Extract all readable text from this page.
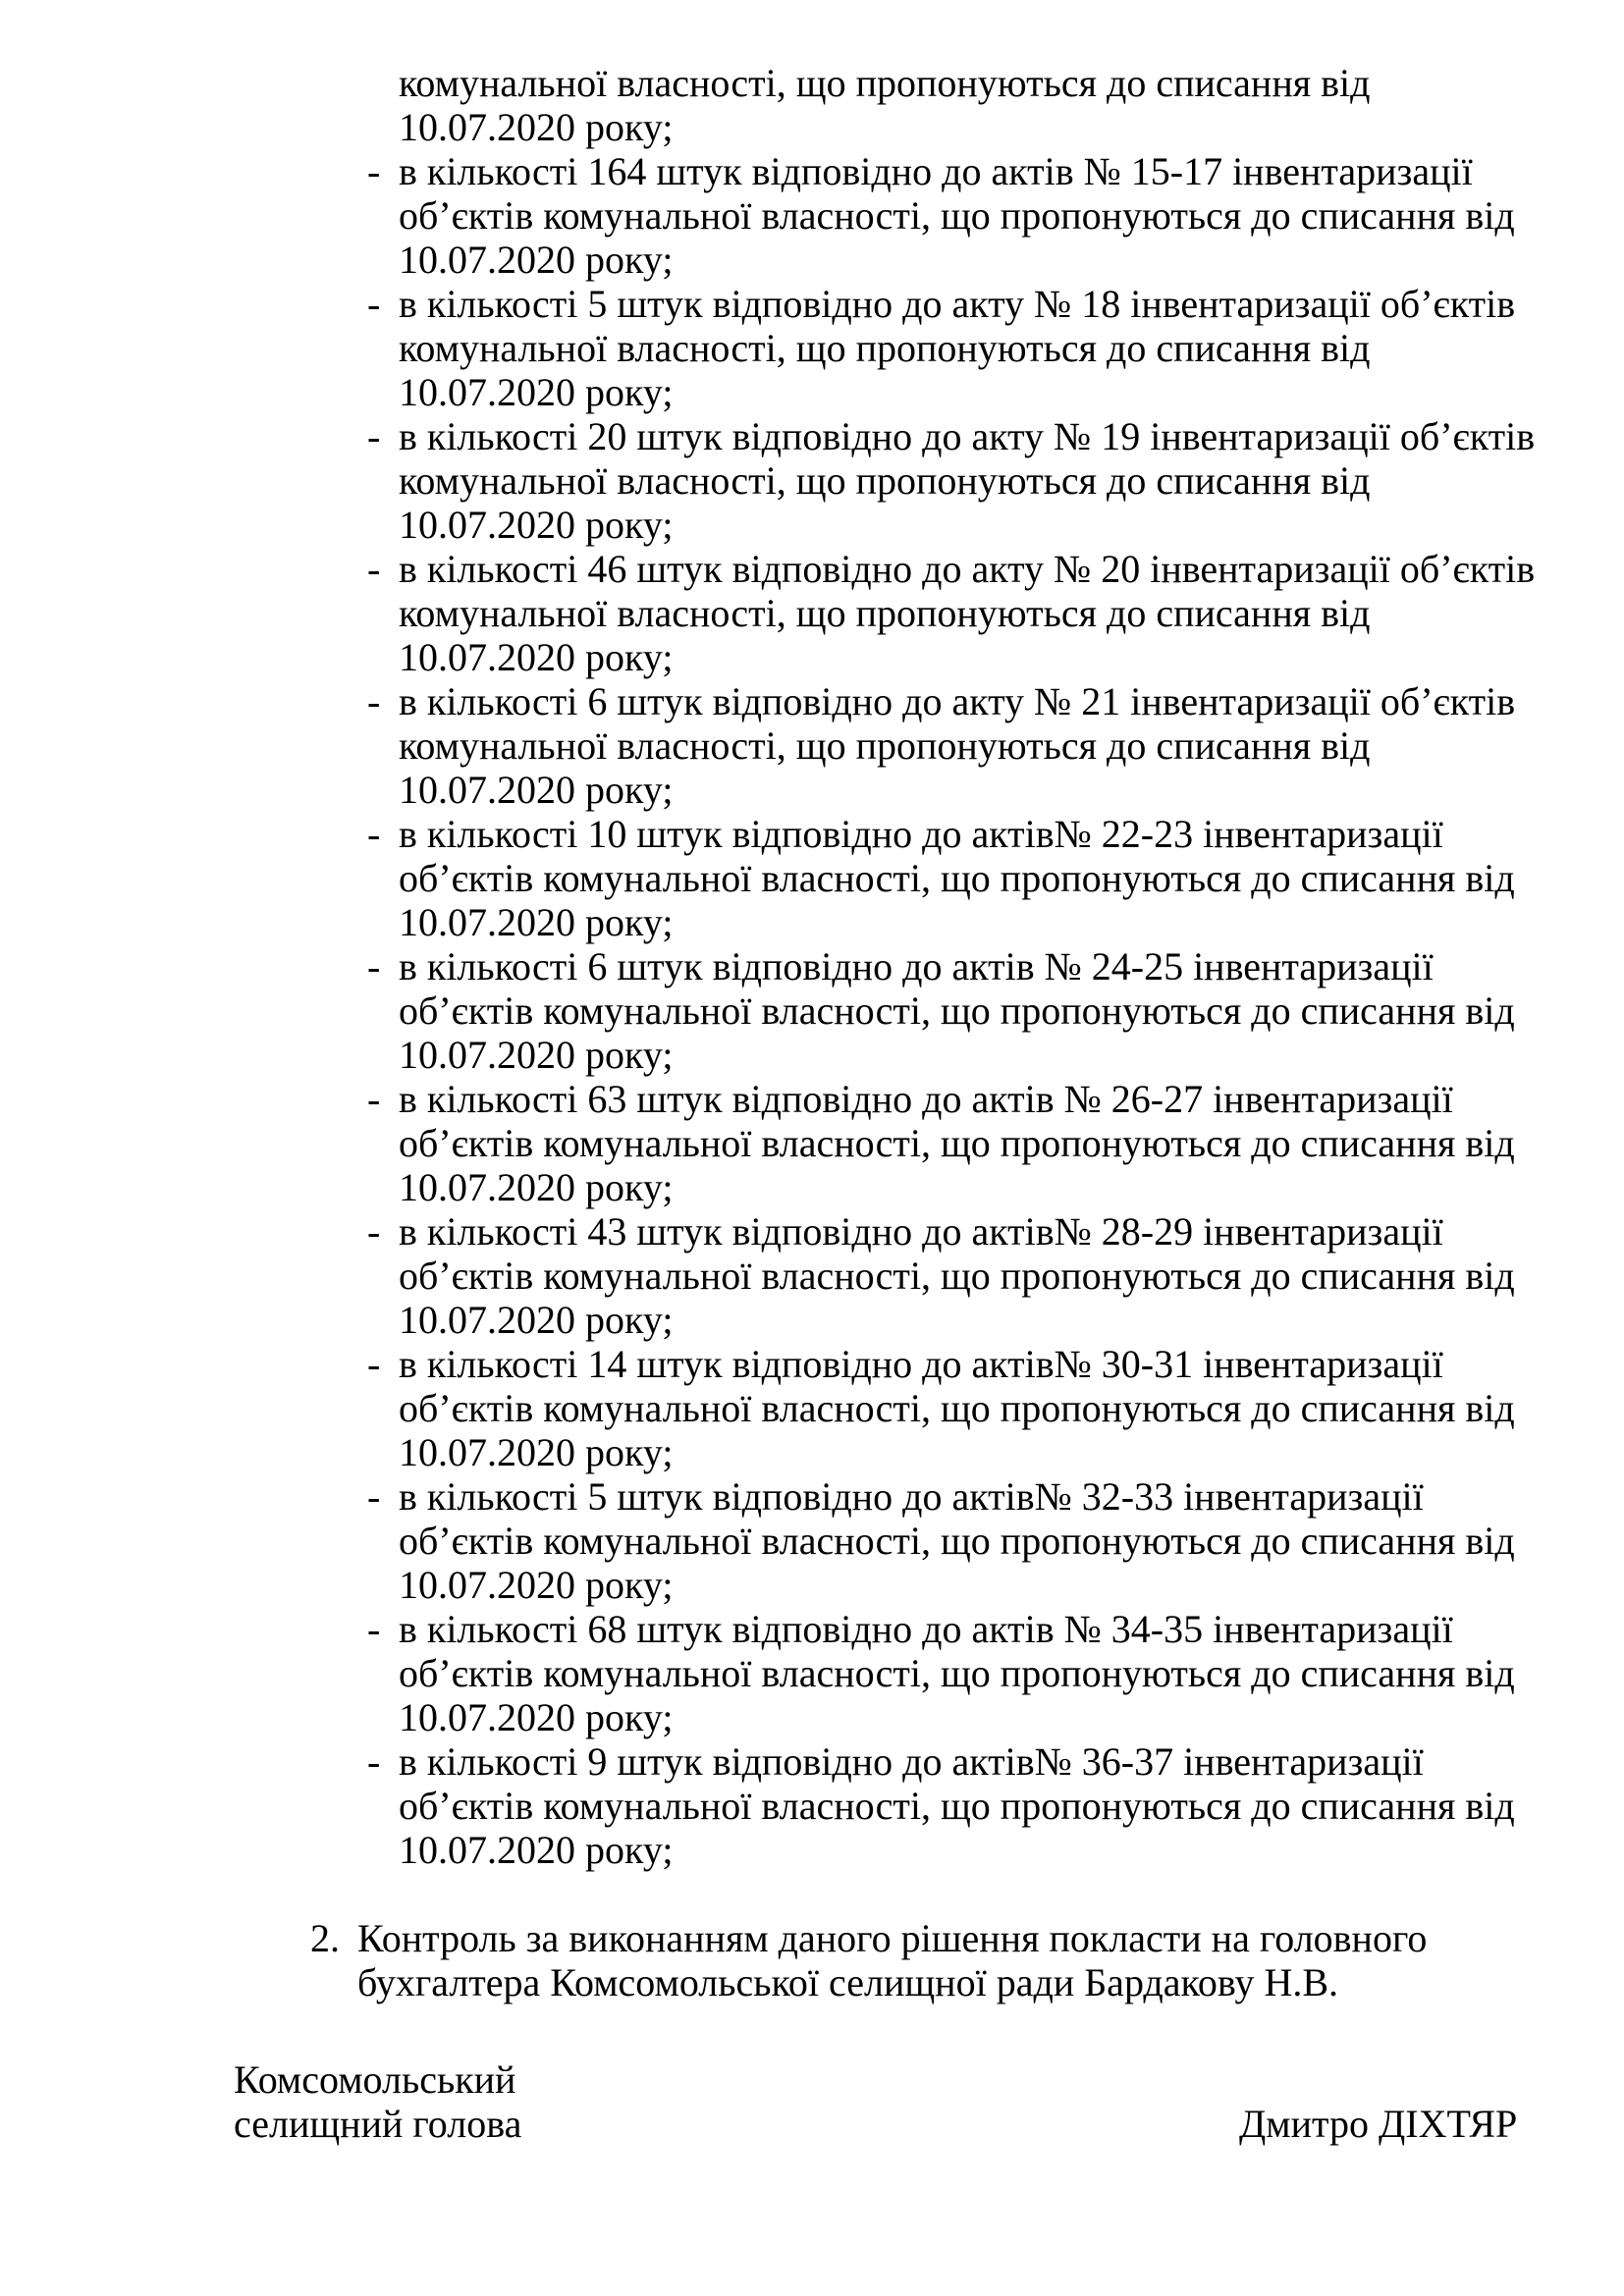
комунальної власності, що пропонуються до списання від
10.07.2020 року;
- в кількості 164 штук відповідно до актів № 15-17 інвентаризації
об’єктів комунальної власності, що пропонуються до списання від
10.07.2020 року;
- в кількості 5 штук відповідно до акту № 18 інвентаризації об’єктів
комунальної власності, що пропонуються до списання від
10.07.2020 року;
- в кількості 20 штук відповідно до акту № 19 інвентаризації об’єктів
комунальної власності, що пропонуються до списання від
10.07.2020 року;
- в кількості 46 штук відповідно до акту № 20 інвентаризації об’єктів
комунальної власності, що пропонуються до списання від
10.07.2020 року;
- в кількості 6 штук відповідно до акту № 21 інвентаризації об’єктів
комунальної власності, що пропонуються до списання від
10.07.2020 року;
- в кількості 10 штук відповідно до актів№ 22-23 інвентаризації
об’єктів комунальної власності, що пропонуються до списання від
10.07.2020 року;
- в кількості 6 штук відповідно до актів № 24-25 інвентаризації
об’єктів комунальної власності, що пропонуються до списання від
10.07.2020 року;
- в кількості 63 штук відповідно до актів № 26-27 інвентаризації
об’єктів комунальної власності, що пропонуються до списання від
10.07.2020 року;
- в кількості 43 штук відповідно до актів№ 28-29 інвентаризації
об’єктів комунальної власності, що пропонуються до списання від
10.07.2020 року;
- в кількості 14 штук відповідно до актів№ 30-31 інвентаризації
об’єктів комунальної власності, що пропонуються до списання від
10.07.2020 року;
- в кількості 5 штук відповідно до актів№ 32-33 інвентаризації
об’єктів комунальної власності, що пропонуються до списання від
10.07.2020 року;
- в кількості 68 штук відповідно до актів № 34-35 інвентаризації
об’єктів комунальної власності, що пропонуються до списання від
10.07.2020 року;
- в кількості 9 штук відповідно до актів№ 36-37 інвентаризації
об’єктів комунальної власності, що пропонуються до списання від
10.07.2020 року;
2. Контроль за виконанням даного рішення покласти на головного
бухгалтера Комсомольської селищної ради Бардакову Н.В.
Комсомольський
селищний голова	Дмитро ДІХТЯР
